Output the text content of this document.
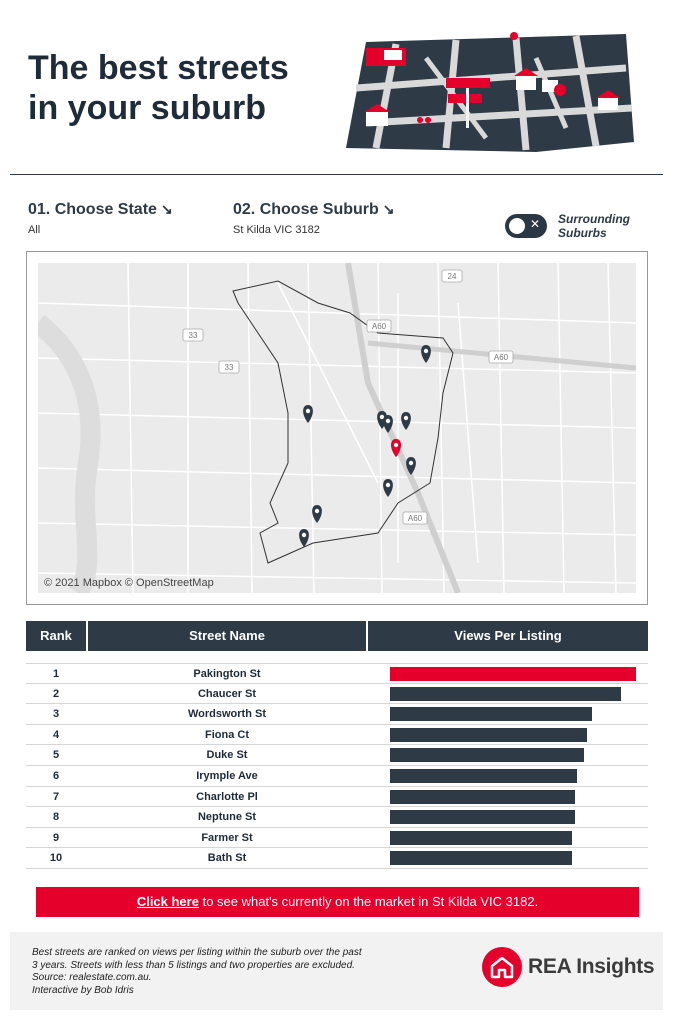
The best streets
in your suburb
01. Choose State ↘
All
02. Choose Suburb ↘
St Kilda VIC 3182	✕ Surrounding
Suburbs
24
A60
A60
33
33
A60
© 2021 Mapbox © OpenStreetMap
Rank	Street Name	Views Per Listing
1	Pakington St
2	Chaucer St
3	Wordsworth St
4	Fiona Ct
5	Duke St
6	Irymple Ave
7	Charlotte Pl
8	Neptune St
9	Farmer St
10	Bath St
Click here to see what's currently on the market in St Kilda VIC 3182.
Best streets are ranked on views per listing within the suburb over the past
3 years. Streets with less than 5 listings and two properties are excluded.
Source: realestate.com.au.
Interactive by Bob Idris
REA Insights
